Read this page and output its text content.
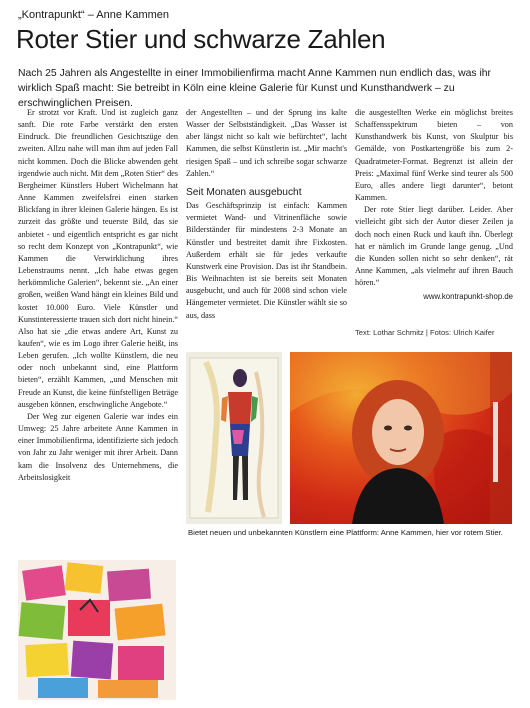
„Kontrapunkt“ – Anne Kammen
Roter Stier und schwarze Zahlen

Nach 25 Jahren als Angestellte in einer Immobilienfirma macht Anne Kammen nun endlich das, was ihr wirklich Spaß macht: Sie betreibt in Köln eine kleine Galerie für Kunst und Kunsthandwerk – zu erschwinglichen Preisen.

Er strotzt vor Kraft. Und ist zugleich ganz sanft. Die rote Farbe verstärkt den ersten Eindruck. Die freundlichen Gesichtszüge den zweiten. Allzu nahe will man ihm auf jeden Fall nicht kommen. Doch die Blicke abwenden geht irgendwie auch nicht. Mit dem „Roten Stier“ des Bergheimer Künstlers Hubert Wichelmann hat Anne Kammen zweifelsfrei einen starken Blickfang in ihrer kleinen Galerie hängen. Es ist zurzeit das größte und teuerste Bild, das sie anbietet - und eigentlich entspricht es gar nicht so recht dem Konzept von „Kontrapunkt“, wie Kammen die Verwirklichung ihres Lebenstraums nennt. „Ich habe etwas gegen herkömmliche Galerien“, bekennt sie. „An einer großen, weißen Wand hängt ein kleines Bild und kostet 10.000 Euro. Viele Künstler und Kunstinteressierte trauen sich dort nicht hinein.“ Also hat sie „die etwas andere Art, Kunst zu kaufen“, wie es im Logo ihrer Galerie heißt, ins Leben gerufen. „Ich wollte Künstlern, die neu oder noch unbekannt sind, eine Plattform bieten“, erzählt Kammen, „und Menschen mit Freude an Kunst, die keine fünfstelligen Beträge ausgeben können, erschwingliche Angebote.“

Der Weg zur eigenen Galerie war indes ein Umweg: 25 Jahre arbeitete Anne Kammen in einer Immobilienfirma, identifizierte sich jedoch von Jahr zu Jahr weniger mit ihrer Arbeit. Dann kam die Insolvenz des Unternehmens, die Arbeitslosigkeit

der Angestellten – und der Sprung ins kalte Wasser der Selbstständigkeit. „Das Wasser ist aber längst nicht so kalt wie befürchtet“, lacht Kammen, die selbst Künstlerin ist. „Mir macht's riesigen Spaß – und ich schreibe sogar schwarze Zahlen.“

Seit Monaten ausgebucht

Das Geschäftsprinzip ist einfach: Kammen vermietet Wand- und Vitrinenfläche sowie Bilderständer für mindestens 2-3 Monate an Künstler und bestreitet damit ihre Fixkosten. Außerdem erhält sie für jedes verkaufte Kunstwerk eine Provision. Das ist ihr Standbein. Bis Weihnachten ist sie bereits seit Monaten ausgebucht, und auch für 2008 sind schon viele Hängemeter vermietet. Die Künstler wählt sie so aus, dass

die ausgestellten Werke ein möglichst breites Schaffensspektrum bieten – von Kunsthandwerk bis Kunst, von Skulptur bis Gemälde, von Postkartengröße bis zum 2-Quadratmeter-Format. Begrenzt ist allein der Preis: „Maximal fünf Werke sind teurer als 500 Euro, alles andere liegt darunter“, betont Kammen.

Der rote Stier liegt darüber. Leider. Aber vielleicht gibt sich der Autor dieser Zeilen ja doch noch einen Ruck und kauft ihn. Überlegt hat er nämlich im Grunde lange genug. „Und die Kunden sollen nicht so sehr denken“, rät Anne Kammen, „als vielmehr auf ihren Bauch hören.“

www.kontrapunkt-shop.de

Text: Lothar Schmitz | Fotos: Ulrich Kaifer
Bietet neuen und unbekannten Künstlern eine Plattform: Anne Kammen, hier vor rotem Stier.
